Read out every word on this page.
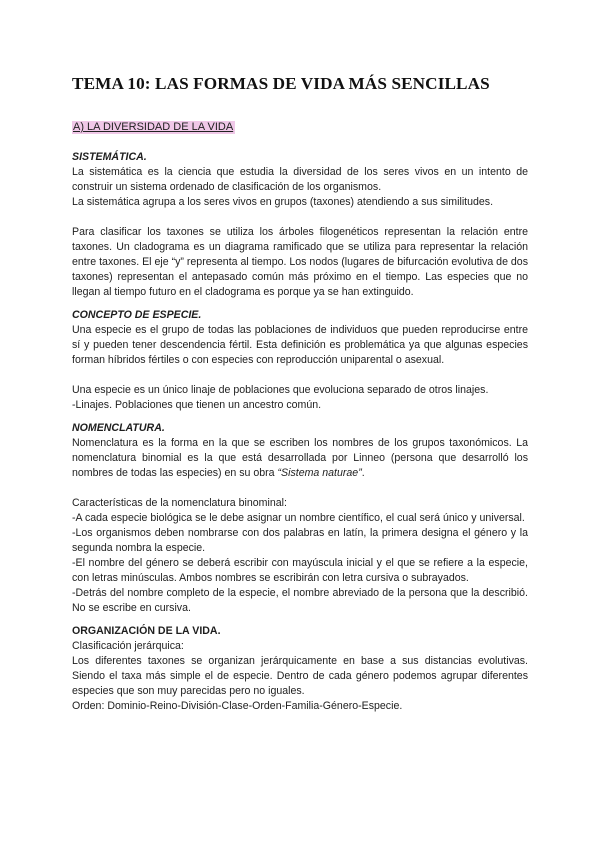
TEMA 10: LAS FORMAS DE VIDA MÁS SENCILLAS
A) LA DIVERSIDAD DE LA VIDA

SISTEMÁTICA.

La sistemática es la ciencia que estudia la diversidad de los seres vivos en un intento de construir un sistema ordenado de clasificación de los organismos.

La sistemática agrupa a los seres vivos en grupos (taxones) atendiendo a sus similitudes.

Para clasificar los taxones se utiliza los árboles filogenéticos representan la relación entre taxones. Un cladograma es un diagrama ramificado que se utiliza para representar la relación entre taxones. El eje “y” representa al tiempo. Los nodos (lugares de bifurcación evolutiva de dos taxones) representan el antepasado común más próximo en el tiempo. Las especies que no llegan al tiempo futuro en el cladograma es porque ya se han extinguido.

CONCEPTO DE ESPECIE.

Una especie es el grupo de todas las poblaciones de individuos que pueden reproducirse entre sí y pueden tener descendencia fértil. Esta definición es problemática ya que algunas especies forman híbridos fértiles o con especies con reproducción uniparental o asexual.

Una especie es un único linaje de poblaciones que evoluciona separado de otros linajes.

-Linajes. Poblaciones que tienen un ancestro común.

NOMENCLATURA.

Nomenclatura es la forma en la que se escriben los nombres de los grupos taxonómicos. La nomenclatura binomial es la que está desarrollada por Linneo (persona que desarrolló los nombres de todas las especies) en su obra “Sistema naturae”.

Características de la nomenclatura binominal:

-A cada especie biológica se le debe asignar un nombre científico, el cual será único y universal.

-Los organismos deben nombrarse con dos palabras en latín, la primera designa el género y la segunda nombra la especie.

-El nombre del género se deberá escribir con mayúscula inicial y el que se refiere a la especie, con letras minúsculas. Ambos nombres se escribirán con letra cursiva o subrayados.

-Detrás del nombre completo de la especie, el nombre abreviado de la persona que la describió. No se escribe en cursiva.

ORGANIZACIÓN DE LA VIDA.

Clasificación jerárquica:

Los diferentes taxones se organizan jerárquicamente en base a sus distancias evolutivas. Siendo el taxa más simple el de especie. Dentro de cada género podemos agrupar diferentes especies que son muy parecidas pero no iguales.

Orden: Dominio-Reino-División-Clase-Orden-Familia-Género-Especie.
